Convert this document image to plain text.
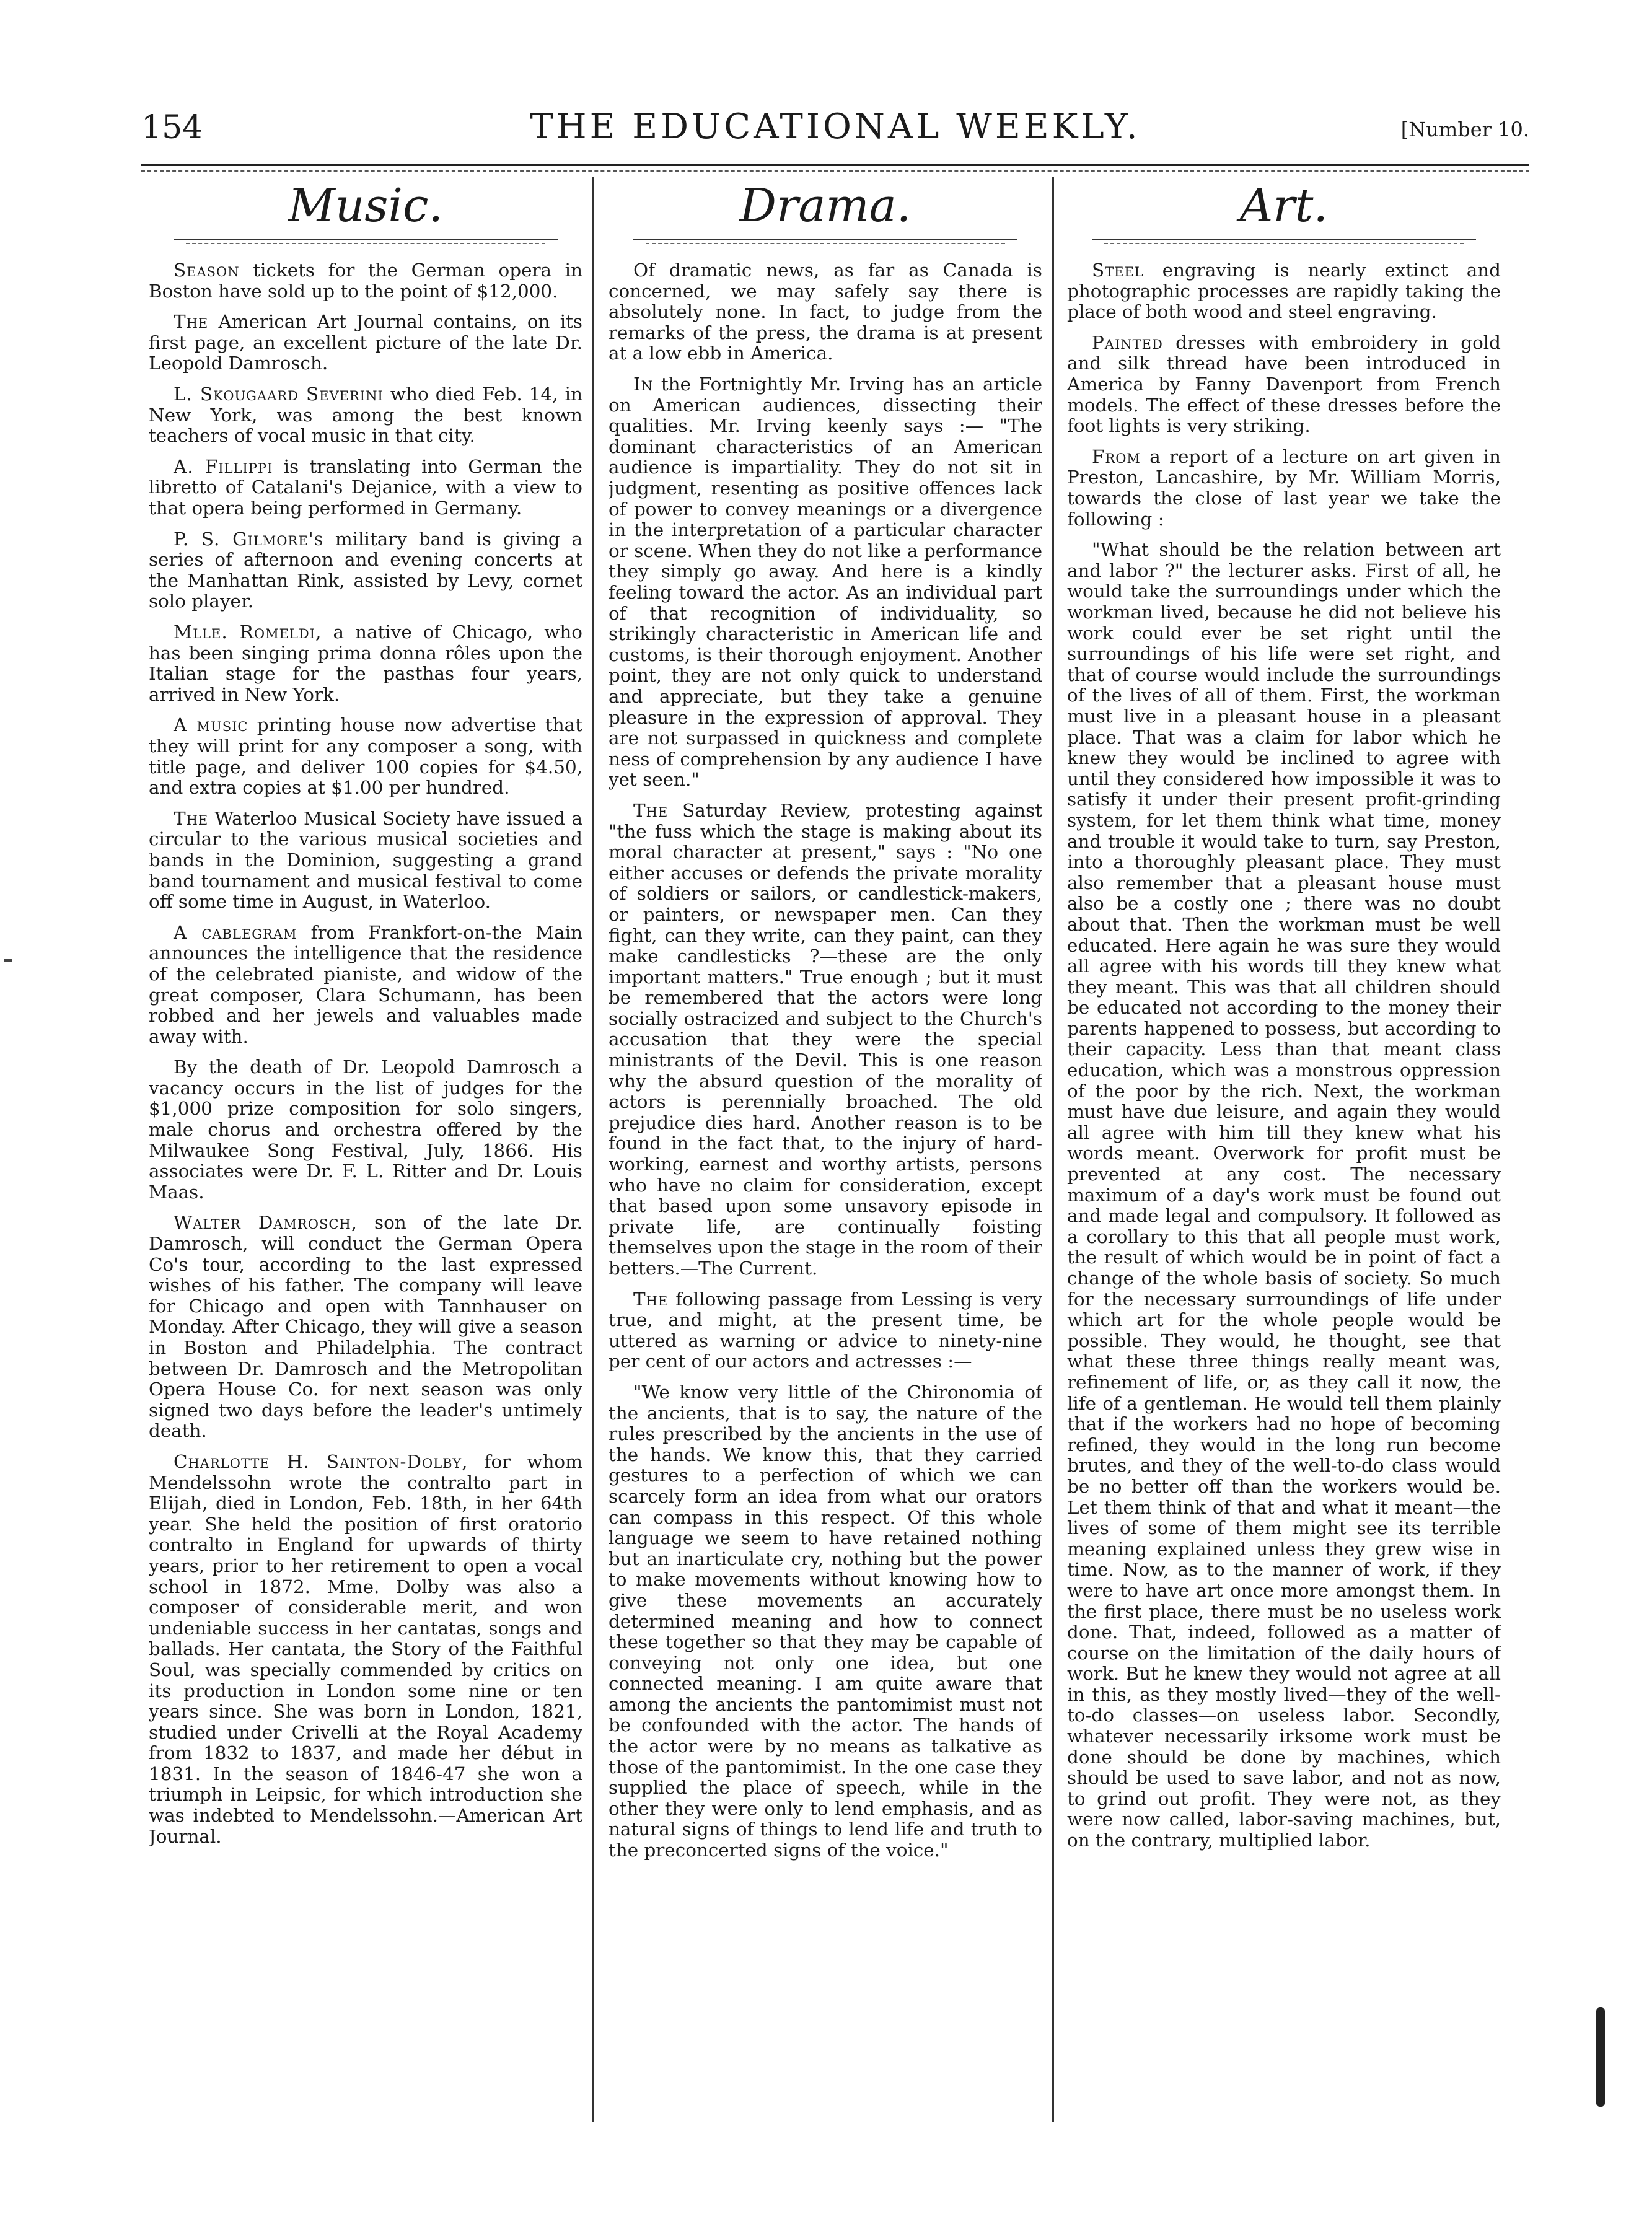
154	THE EDUCATIONAL WEEKLY.	[Number 10.
Music.

Season tickets for the German opera in Boston have sold up to the point of $12,000.

The American Art Journal contains, on its first page, an excellent picture of the late Dr. Leopold Damrosch.

L. Skougaard Severini who died Feb. 14, in New York, was among the best known teachers of vocal music in that city.

A. Fillippi is translating into German the libretto of Catalani's Dejanice, with a view to that opera being performed in Germany.

P. S. Gilmore's military band is giving a series of afternoon and evening concerts at the Manhattan Rink, assisted by Levy, cornet solo player.

Mlle. Romeldi, a native of Chicago, who has been singing prima donna rôles upon the Italian stage for the pasthas four years, arrived in New York.

A music printing house now advertise that they will print for any composer a song, with title page, and deliver 100 copies for $4.50, and extra copies at $1.00 per hundred.

The Waterloo Musical Society have issued a circular to the various musical societies and bands in the Dominion, suggesting a grand band tournament and musical festival to come off some time in August, in Waterloo.

A cablegram from Frankfort-on-the Main announces the intelligence that the residence of the celebrated pianiste, and widow of the great composer, Clara Schumann, has been robbed and her jewels and valuables made away with.

By the death of Dr. Leopold Damrosch a vacancy occurs in the list of judges for the $1,000 prize composition for solo singers, male chorus and orchestra offered by the Milwaukee Song Festival, July, 1866. His associates were Dr. F. L. Ritter and Dr. Louis Maas.

Walter Damrosch, son of the late Dr. Damrosch, will conduct the German Opera Co's tour, according to the last expressed wishes of his father. The company will leave for Chicago and open with Tannhauser on Monday. After Chicago, they will give a season in Boston and Philadelphia. The contract between Dr. Damrosch and the Metropolitan Opera House Co. for next season was only signed two days before the leader's untimely death.

Charlotte H. Sainton-Dolby, for whom Mendelssohn wrote the contralto part in Elijah, died in London, Feb. 18th, in her 64th year. She held the position of first oratorio contralto in England for upwards of thirty years, prior to her retirement to open a vocal school in 1872. Mme. Dolby was also a composer of considerable merit, and won undeniable success in her cantatas, songs and ballads. Her cantata, the Story of the Faithful Soul, was specially commended by critics on its production in London some nine or ten years since. She was born in London, 1821, studied under Crivelli at the Royal Academy from 1832 to 1837, and made her début in 1831. In the season of 1846-47 she won a triumph in Leipsic, for which introduction she was indebted to Mendelssohn.—American Art Journal.

Drama.

Of dramatic news, as far as Canada is concerned, we may safely say there is absolutely none. In fact, to judge from the remarks of the press, the drama is at present at a low ebb in America.

In the Fortnightly Mr. Irving has an article on American audiences, dissecting their qualities. Mr. Irving keenly says :— "The dominant characteristics of an American audience is impartiality. They do not sit in judgment, resenting as positive offences lack of power to convey meanings or a divergence in the interpretation of a particular character or scene. When they do not like a performance they simply go away. And here is a kindly feeling toward the actor. As an individual part of that recognition of individuality, so strikingly characteristic in American life and customs, is their thorough enjoyment. Another point, they are not only quick to understand and appreciate, but they take a genuine pleasure in the expression of approval. They are not surpassed in quickness and complete ness of comprehension by any audience I have yet seen."

The Saturday Review, protesting against "the fuss which the stage is making about its moral character at present," says : "No one either accuses or defends the private morality of soldiers or sailors, or candlestick-makers, or painters, or newspaper men. Can they fight, can they write, can they paint, can they make candlesticks ?—these are the only important matters." True enough ; but it must be remembered that the actors were long socially ostracized and subject to the Church's accusation that they were the special ministrants of the Devil. This is one reason why the absurd question of the morality of actors is perennially broached. The old prejudice dies hard. Another reason is to be found in the fact that, to the injury of hard-working, earnest and worthy artists, persons who have no claim for consideration, except that based upon some unsavory episode in private life, are continually foisting themselves upon the stage in the room of their betters.—The Current.

The following passage from Lessing is very true, and might, at the present time, be uttered as warning or advice to ninety-nine per cent of our actors and actresses :—

"We know very little of the Chironomia of the ancients, that is to say, the nature of the rules prescribed by the ancients in the use of the hands. We know this, that they carried gestures to a perfection of which we can scarcely form an idea from what our orators can compass in this respect. Of this whole language we seem to have retained nothing but an inarticulate cry, nothing but the power to make movements without knowing how to give these movements an accurately determined meaning and how to connect these together so that they may be capable of conveying not only one idea, but one connected meaning. I am quite aware that among the ancients the pantomimist must not be confounded with the actor. The hands of the actor were by no means as talkative as those of the pantomimist. In the one case they supplied the place of speech, while in the other they were only to lend emphasis, and as natural signs of things to lend life and truth to the preconcerted signs of the voice."

Art.

Steel engraving is nearly extinct and photographic processes are rapidly taking the place of both wood and steel engraving.

Painted dresses with embroidery in gold and silk thread have been introduced in America by Fanny Davenport from French models. The effect of these dresses before the foot lights is very striking.

From a report of a lecture on art given in Preston, Lancashire, by Mr. William Morris, towards the close of last year we take the following :

"What should be the relation between art and labor ?" the lecturer asks. First of all, he would take the surroundings under which the workman lived, because he did not believe his work could ever be set right until the surroundings of his life were set right, and that of course would include the surroundings of the lives of all of them. First, the workman must live in a pleasant house in a pleasant place. That was a claim for labor which he knew they would be inclined to agree with until they considered how impossible it was to satisfy it under their present profit-grinding system, for let them think what time, money and trouble it would take to turn, say Preston, into a thoroughly pleasant place. They must also remember that a pleasant house must also be a costly one ; there was no doubt about that. Then the workman must be well educated. Here again he was sure they would all agree with his words till they knew what they meant. This was that all children should be educated not according to the money their parents happened to possess, but according to their capacity. Less than that meant class education, which was a monstrous oppression of the poor by the rich. Next, the workman must have due leisure, and again they would all agree with him till they knew what his words meant. Overwork for profit must be prevented at any cost. The necessary maximum of a day's work must be found out and made legal and compulsory. It followed as a corollary to this that all people must work, the result of which would be in point of fact a change of the whole basis of society. So much for the necessary surroundings of life under which art for the whole people would be possible. They would, he thought, see that what these three things really meant was, refinement of life, or, as they call it now, the life of a gentleman. He would tell them plainly that if the workers had no hope of becoming refined, they would in the long run become brutes, and they of the well-to-do class would be no better off than the workers would be. Let them think of that and what it meant—the lives of some of them might see its terrible meaning explained unless they grew wise in time. Now, as to the manner of work, if they were to have art once more amongst them. In the first place, there must be no useless work done. That, indeed, followed as a matter of course on the limitation of the daily hours of work. But he knew they would not agree at all in this, as they mostly lived—they of the well-to-do classes—on useless labor. Secondly, whatever necessarily irksome work must be done should be done by machines, which should be used to save labor, and not as now, to grind out profit. They were not, as they were now called, labor-saving machines, but, on the contrary, multiplied labor.
